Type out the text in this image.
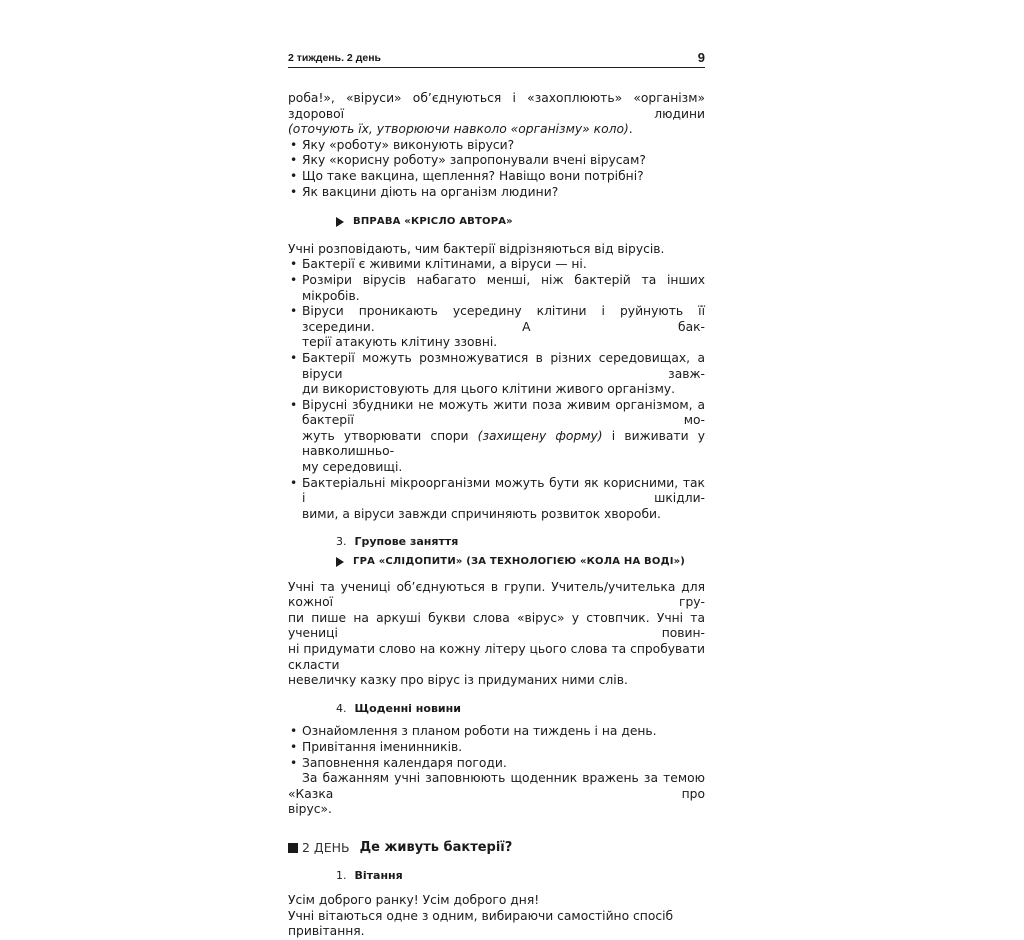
2 тиждень. 2 день	9

роба!», «віруси» об’єднуються і «захоплюють» «організм» здорової людини

(оточують їх, утворюючи навколо «організму» коло).

• Яку «роботу» виконують віруси?
• Яку «корисну роботу» запропонували вчені вірусам?
• Що таке вакцина, щеплення? Навіщо вони потрібні?
• Як вакцини діють на організм людини?
ВПРАВА «КРІСЛО АВТОРА»

Учні розповідають, чим бактерії відрізняються від вірусів.

• Бактерії є живими клітинами, а віруси — ні.
• Розміри вірусів набагато менші, ніж бактерій та інших мікробів.
• Віруси проникають усередину клітини і руйнують її зсередини. А бак-
терії атакують клітину ззовні.
• Бактерії можуть розмножуватися в різних середовищах, а віруси завж-
ди використовують для цього клітини живого організму.
• Вірусні збудники не можуть жити поза живим організмом, а бактерії мо-
жуть утворювати спори (захищену форму) і виживати у навколишньо-
му середовищі.
• Бактеріальні мікроорганізми можуть бути як корисними, так і шкідли-
вими, а віруси завжди спричиняють розвиток хвороби.
3. Групове заняття
ГРА «СЛІДОПИТИ» (ЗА ТЕХНОЛОГІЄЮ «КОЛА НА ВОДІ»)

Учні та учениці об’єднуються в групи. Учитель/учителька для кожної гру-

пи пише на аркуші букви слова «вірус» у стовпчик. Учні та учениці повин-

ні придумати слово на кожну літеру цього слова та спробувати скласти

невеличку казку про вірус із придуманих ними слів.

4. Щоденні новини
• Ознайомлення з планом роботи на тиждень і на день.
• Привітання іменинників.
• Заповнення календаря погоди.

За бажанням учні заповнюють щоденник вражень за темою «Казка про

вірус».

2 ДЕНЬ Де живуть бактерії?
1. Вітання

Усім доброго ранку! Усім доброго дня!

Учні вітаються одне з одним, вибираючи самостійно спосіб привітання.
